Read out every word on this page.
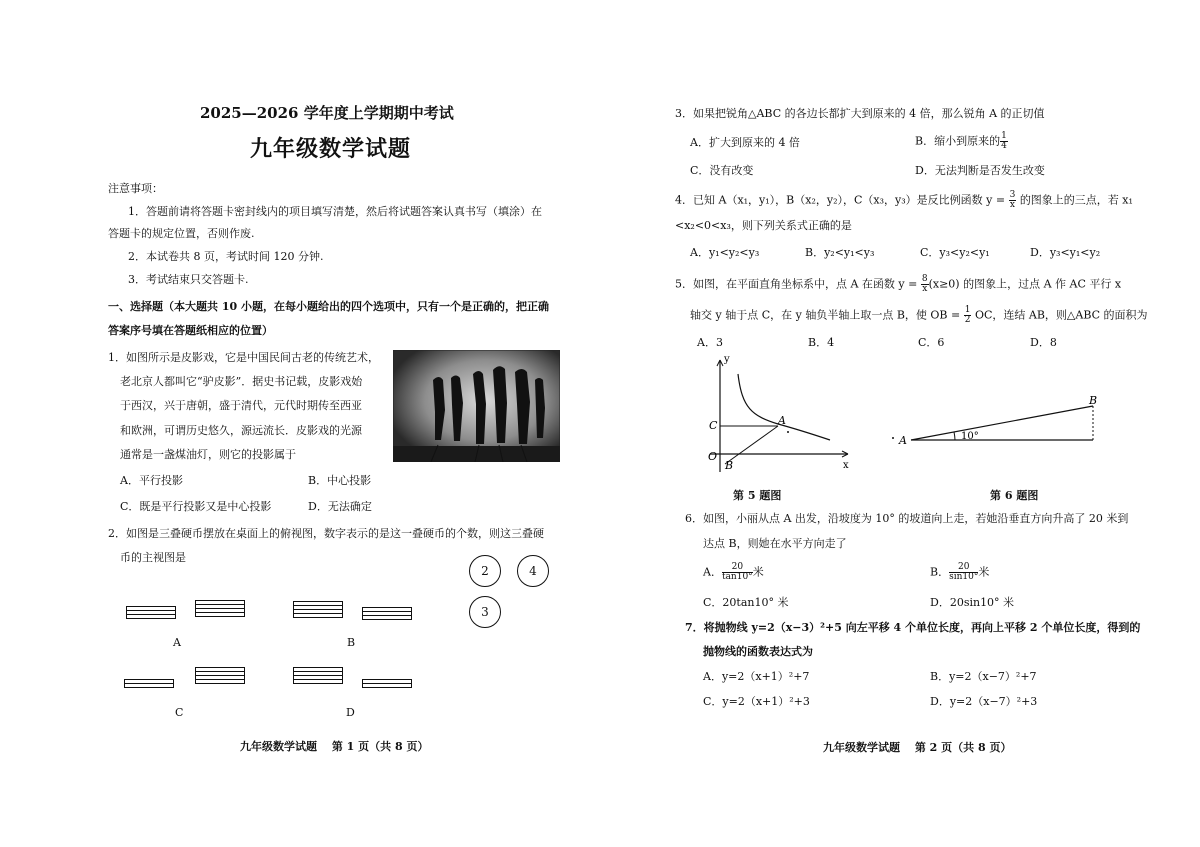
2025—2026 学年度上学期期中考试
九年级数学试题
注意事项：
1．答题前请将答题卡密封线内的项目填写清楚，然后将试题答案认真书写（填涂）在
答题卡的规定位置，否则作废.
2．本试卷共 8 页，考试时间 120 分钟.
3．考试结束只交答题卡.
一、选择题（本大题共 10 小题，在每小题给出的四个选项中，只有一个是正确的，把正确
答案序号填在答题纸相应的位置）
1．如图所示是皮影戏，它是中国民间古老的传统艺术，
老北京人都叫它“驴皮影”．据史书记载，皮影戏始
于西汉，兴于唐朝，盛于清代，元代时期传至西亚
和欧洲，可谓历史悠久，源远流长．皮影戏的光源
通常是一盏煤油灯，则它的投影属于
A．平行投影	B．中心投影
C．既是平行投影又是中心投影	D．无法确定
2．如图是三叠硬币摆放在桌面上的俯视图，数字表示的是这一叠硬币的个数，则这三叠硬
币的主视图是
2	4
3
A	B
C	D
九年级数学试题　 第 1 页（共 8 页）
3．如果把锐角△ABC 的各边长都扩大到原来的 4 倍，那么锐角 A 的正切值
A．扩大到原来的 4 倍	B．缩小到原来的 $\frac{1}{4}$
C．没有改变	D．无法判断是否发生改变
4．已知 A（x₁，y₁），B（x₂，y₂），C（x₃，y₃）是反比例函数 $y = \frac{3}{x}$ 的图象上的三点，若 x₁
<x₂<0<x₃，则下列关系式正确的是
A．y₁<y₂<y₃	B．y₂<y₁<y₃	C．y₃<y₂<y₁	D．y₃<y₁<y₂
5．如图，在平面直角坐标系中，点 A 在函数 $y = \frac{8}{x} (x\ge 0)$ 的图象上，过点 A 作 AC 平行 x
轴交 y 轴于点 C，在 y 轴负半轴上取一点 B，使 OB = $\frac{1}{2}$ OC，连结 AB，则△ABC 的面积为
A．3	B．4	C．6	D．8
y
x
C	A
O
B
第 5 题图
A
B
10°
第 6 题图
6．如图，小丽从点 A 出发，沿坡度为 10° 的坡道向上走，若她沿垂直方向升高了 20 米到
达点 B，则她在水平方向走了
A． $\frac{20}{\tan 10^\circ}$ 米	B． $\frac{20}{\sin 10^\circ}$ 米
C．20tan10° 米	D．20sin10° 米
7．将抛物线 y=2（x−3）²+5 向左平移 4 个单位长度，再向上平移 2 个单位长度，得到的
抛物线的函数表达式为
A．y=2（x+1）²+7	B．y=2（x−7）²+7
C．y=2（x+1）²+3	D．y=2（x−7）²+3
九年级数学试题　 第 2 页（共 8 页）
